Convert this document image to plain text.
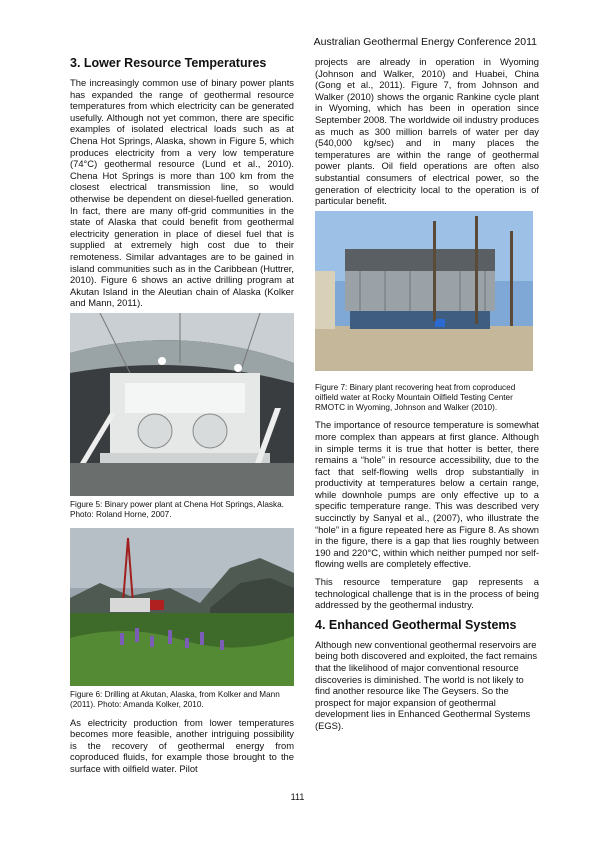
Australian Geothermal Energy Conference 2011
3. Lower Resource Temperatures

The increasingly common use of binary power plants has expanded the range of geothermal resource temperatures from which electricity can be generated usefully. Although not yet common, there are specific examples of isolated electrical loads such as at Chena Hot Springs, Alaska, shown in Figure 5, which produces electricity from a very low temperature (74°C) geothermal resource (Lund et al., 2010). Chena Hot Springs is more than 100 km from the closest electrical transmission line, so would otherwise be dependent on diesel-fuelled generation. In fact, there are many off-grid communities in the state of Alaska that could benefit from geothermal electricity generation in place of diesel fuel that is supplied at extremely high cost due to their remoteness. Similar advantages are to be gained in island communities such as in the Caribbean (Huttrer, 2010). Figure 6 shows an active drilling program at Akutan Island in the Aleutian chain of Alaska (Kolker and Mann, 2011).

Figure 5: Binary power plant at Chena Hot Springs, Alaska. Photo: Roland Horne, 2007.

Figure 6: Drilling at Akutan, Alaska, from Kolker and Mann (2011). Photo: Amanda Kolker, 2010.

As electricity production from lower temperatures becomes more feasible, another intriguing possibility is the recovery of geothermal energy from coproduced fluids, for example those brought to the surface with oilfield water. Pilot

projects are already in operation in Wyoming (Johnson and Walker, 2010) and Huabei, China (Gong et al., 2011). Figure 7, from Johnson and Walker (2010) shows the organic Rankine cycle plant in Wyoming, which has been in operation since September 2008. The worldwide oil industry produces as much as 300 million barrels of water per day (540,000 kg/sec) and in many places the temperatures are within the range of geothermal power plants. Oil field operations are often also substantial consumers of electrical power, so the generation of electricity local to the operation is of particular benefit.

Figure 7: Binary plant recovering heat from coproduced oilfield water at Rocky Mountain Oilfield Testing Center RMOTC in Wyoming, Johnson and Walker (2010).

The importance of resource temperature is somewhat more complex than appears at first glance. Although in simple terms it is true that hotter is better, there remains a “hole” in resource accessibility, due to the fact that self-flowing wells drop substantially in productivity at temperatures below a certain range, while downhole pumps are only effective up to a specific temperature range. This was described very succinctly by Sanyal et al., (2007), who illustrate the “hole” in a figure repeated here as Figure 8. As shown in the figure, there is a gap that lies roughly between 190 and 220°C, within which neither pumped nor self-flowing wells are completely effective.

This resource temperature gap represents a technological challenge that is in the process of being addressed by the geothermal industry.

4. Enhanced Geothermal Systems

Although new conventional geothermal reservoirs are being both discovered and exploited, the fact remains that the likelihood of major conventional resource discoveries is diminished. The world is not likely to find another resource like The Geysers. So the prospect for major expansion of geothermal development lies in Enhanced Geothermal Systems (EGS).

111
